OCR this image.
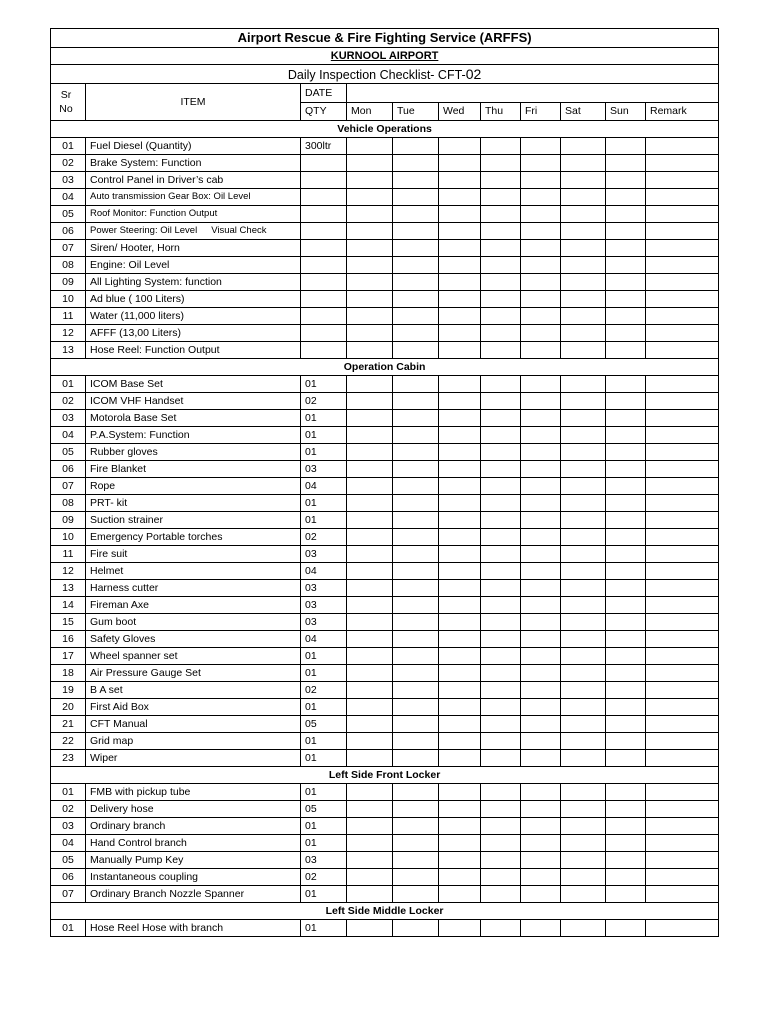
Airport Rescue & Fire Fighting Service (ARFFS)										
KURNOOL AIRPORT										
Daily Inspection Checklist- CFT-02										
Sr No	ITEM	DATE								
		QTY	Mon	Tue	Wed	Thu	Fri	Sat	Sun	Remark
Vehicle Operations										
01	Fuel Diesel (Quantity)	300ltr								
02	Brake System: Function									
03	Control Panel in Driver’s cab									
04	Auto transmission Gear Box: Oil Level									
05	Roof Monitor: Function Output									
06	Power Steering: Oil Level Visual Check									
07	Siren/ Hooter, Horn									
08	Engine: Oil Level									
09	All Lighting System: function									
10	Ad blue ( 100 Liters)									
11	Water (11,000 liters)									
12	AFFF (13,00 Liters)									
13	Hose Reel: Function Output									
Operation Cabin										
01	ICOM Base Set	01								
02	ICOM VHF Handset	02								
03	Motorola Base Set	01								
04	P.A.System: Function	01								
05	Rubber gloves	01								
06	Fire Blanket	03								
07	Rope	04								
08	PRT- kit	01								
09	Suction strainer	01								
10	Emergency Portable torches	02								
11	Fire suit	03								
12	Helmet	04								
13	Harness cutter	03								
14	Fireman Axe	03								
15	Gum boot	03								
16	Safety Gloves	04								
17	Wheel spanner set	01								
18	Air Pressure Gauge Set	01								
19	B A set	02								
20	First Aid Box	01								
21	CFT Manual	05								
22	Grid map	01								
23	Wiper	01								
Left Side Front Locker										
01	FMB with pickup tube	01								
02	Delivery hose	05								
03	Ordinary branch	01								
04	Hand Control branch	01								
05	Manually Pump Key	03								
06	Instantaneous coupling	02								
07	Ordinary Branch Nozzle Spanner	01								
Left Side Middle Locker										
01	Hose Reel Hose with branch	01								
